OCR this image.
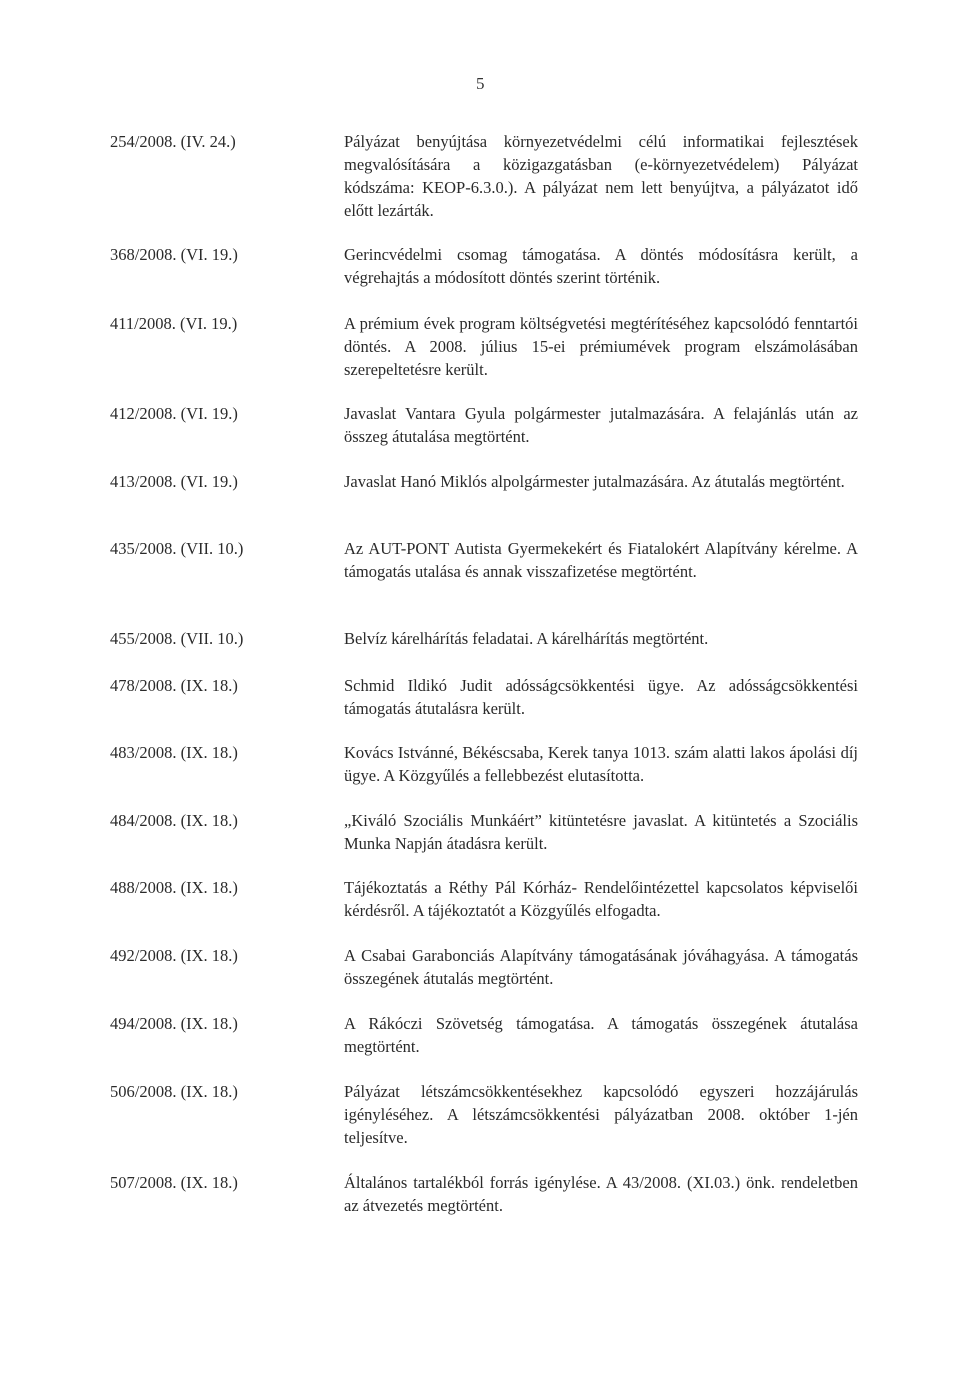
5
254/2008. (IV. 24.)	Pályázat benyújtása környezetvédelmi célú informatikai fejlesztések megvalósítására a közigazgatásban (e-környezetvédelem) Pályázat kódszáma: KEOP-6.3.0.). A pályázat nem lett benyújtva, a pályázatot idő előtt lezárták.
368/2008. (VI. 19.)	Gerincvédelmi csomag támogatása. A döntés módosításra került, a végrehajtás a módosított döntés szerint történik.
411/2008. (VI. 19.)	A prémium évek program költségvetési megtérítéséhez kapcsolódó fenntartói döntés. A 2008. július 15-ei prémiumévek program elszámolásában szerepeltetésre került.
412/2008. (VI. 19.)	Javaslat Vantara Gyula polgármester jutalmazására. A felajánlás után az összeg átutalása megtörtént.
413/2008. (VI. 19.)	Javaslat Hanó Miklós alpolgármester jutalmazására. Az átutalás megtörtént.
435/2008. (VII. 10.)	Az AUT-PONT Autista Gyermekekért és Fiatalokért Alapítvány kérelme. A támogatás utalása és annak visszafizetése megtörtént.
455/2008. (VII. 10.)	Belvíz kárelhárítás feladatai. A kárelhárítás megtörtént.
478/2008. (IX. 18.)	Schmid Ildikó Judit adósságcsökkentési ügye. Az adósságcsökkentési támogatás átutalásra került.
483/2008. (IX. 18.)	Kovács Istvánné, Békéscsaba, Kerek tanya 1013. szám alatti lakos ápolási díj ügye. A Közgyűlés a fellebbezést elutasította.
484/2008. (IX. 18.)	„Kiváló Szociális Munkáért” kitüntetésre javaslat. A kitüntetés a Szociális Munka Napján átadásra került.
488/2008. (IX. 18.)	Tájékoztatás a Réthy Pál Kórház- Rendelőintézettel kapcsolatos képviselői kérdésről. A tájékoztatót a Közgyűlés elfogadta.
492/2008. (IX. 18.)	A Csabai Garabonciás Alapítvány támogatásának jóváhagyása. A támogatás összegének átutalás megtörtént.
494/2008. (IX. 18.)	A Rákóczi Szövetség támogatása. A támogatás összegének átutalása megtörtént.
506/2008. (IX. 18.)	Pályázat létszámcsökkentésekhez kapcsolódó egyszeri hozzájárulás igényléséhez. A létszámcsökkentési pályázatban 2008. október 1-jén teljesítve.
507/2008. (IX. 18.)	Általános tartalékból forrás igénylése. A 43/2008. (XI.03.) önk. rendeletben az átvezetés megtörtént.
